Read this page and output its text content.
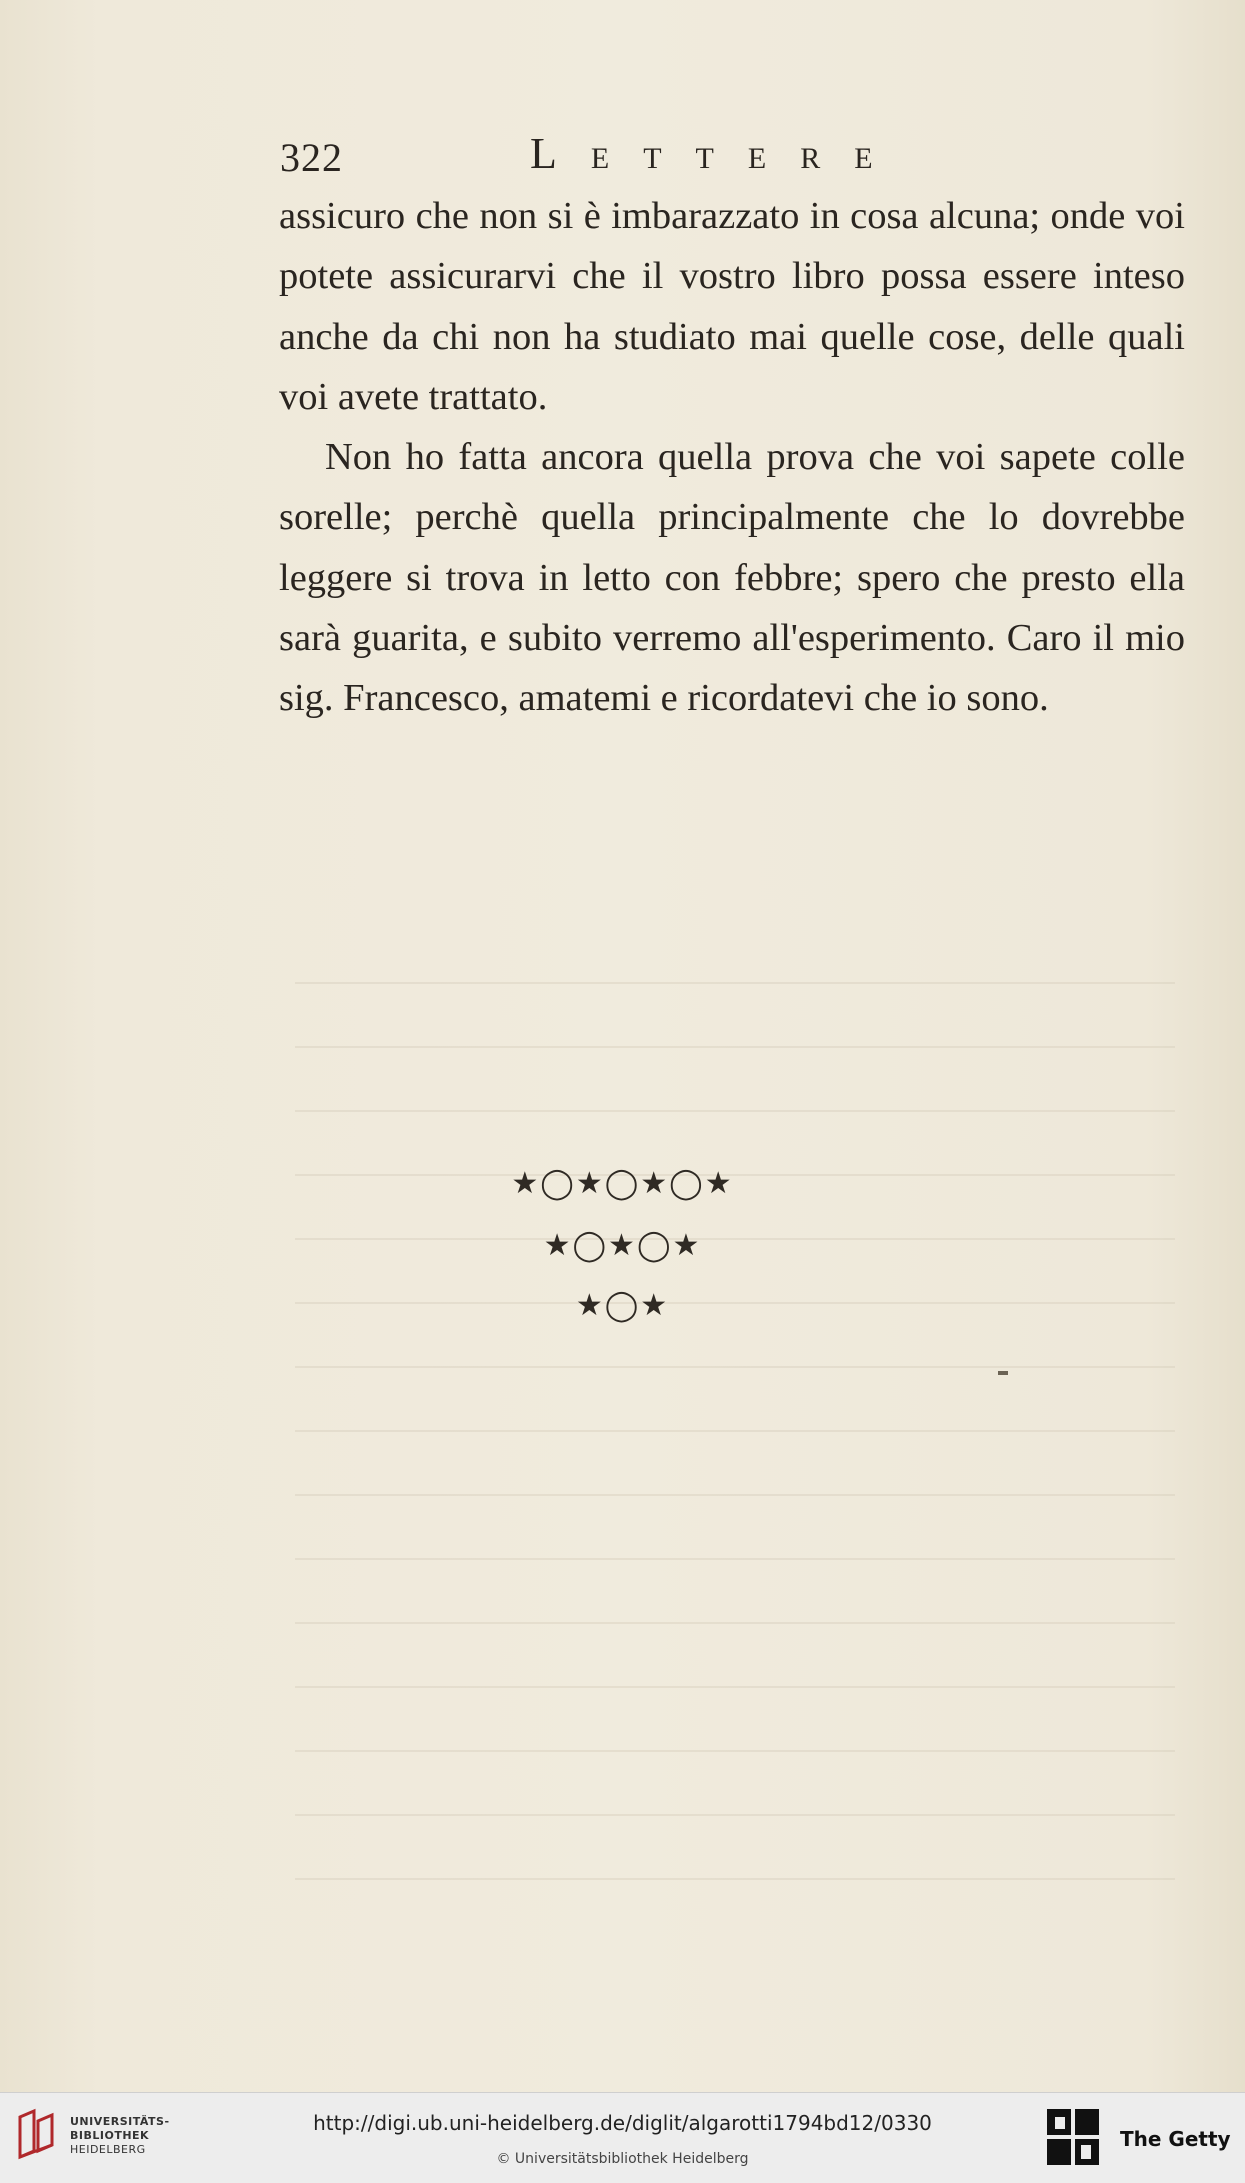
322	LETTERE

assicuro che non si è imbarazzato in cosa alcuna; onde voi potete assicurarvi che il vostro libro possa essere inteso anche da chi non ha studiato mai quelle cose, delle quali voi avete trattato.

Non ho fatta ancora quella prova che voi sapete colle sorelle; perchè quella principalmente che lo dovrebbe leggere si trova in letto con febbre; spero che presto ella sarà guarita, e subito verremo all'esperimento. Caro il mio sig. Francesco, amatemi e ricordatevi che io sono.

★◯★◯★◯★
★◯★◯★
★◯★
UNIVERSITÄTS-
BIBLIOTHEK
HEIDELBERG
http://digi.ub.uni-heidelberg.de/diglit/algarotti1794bd12/0330
© Universitätsbibliothek Heidelberg
The Getty
